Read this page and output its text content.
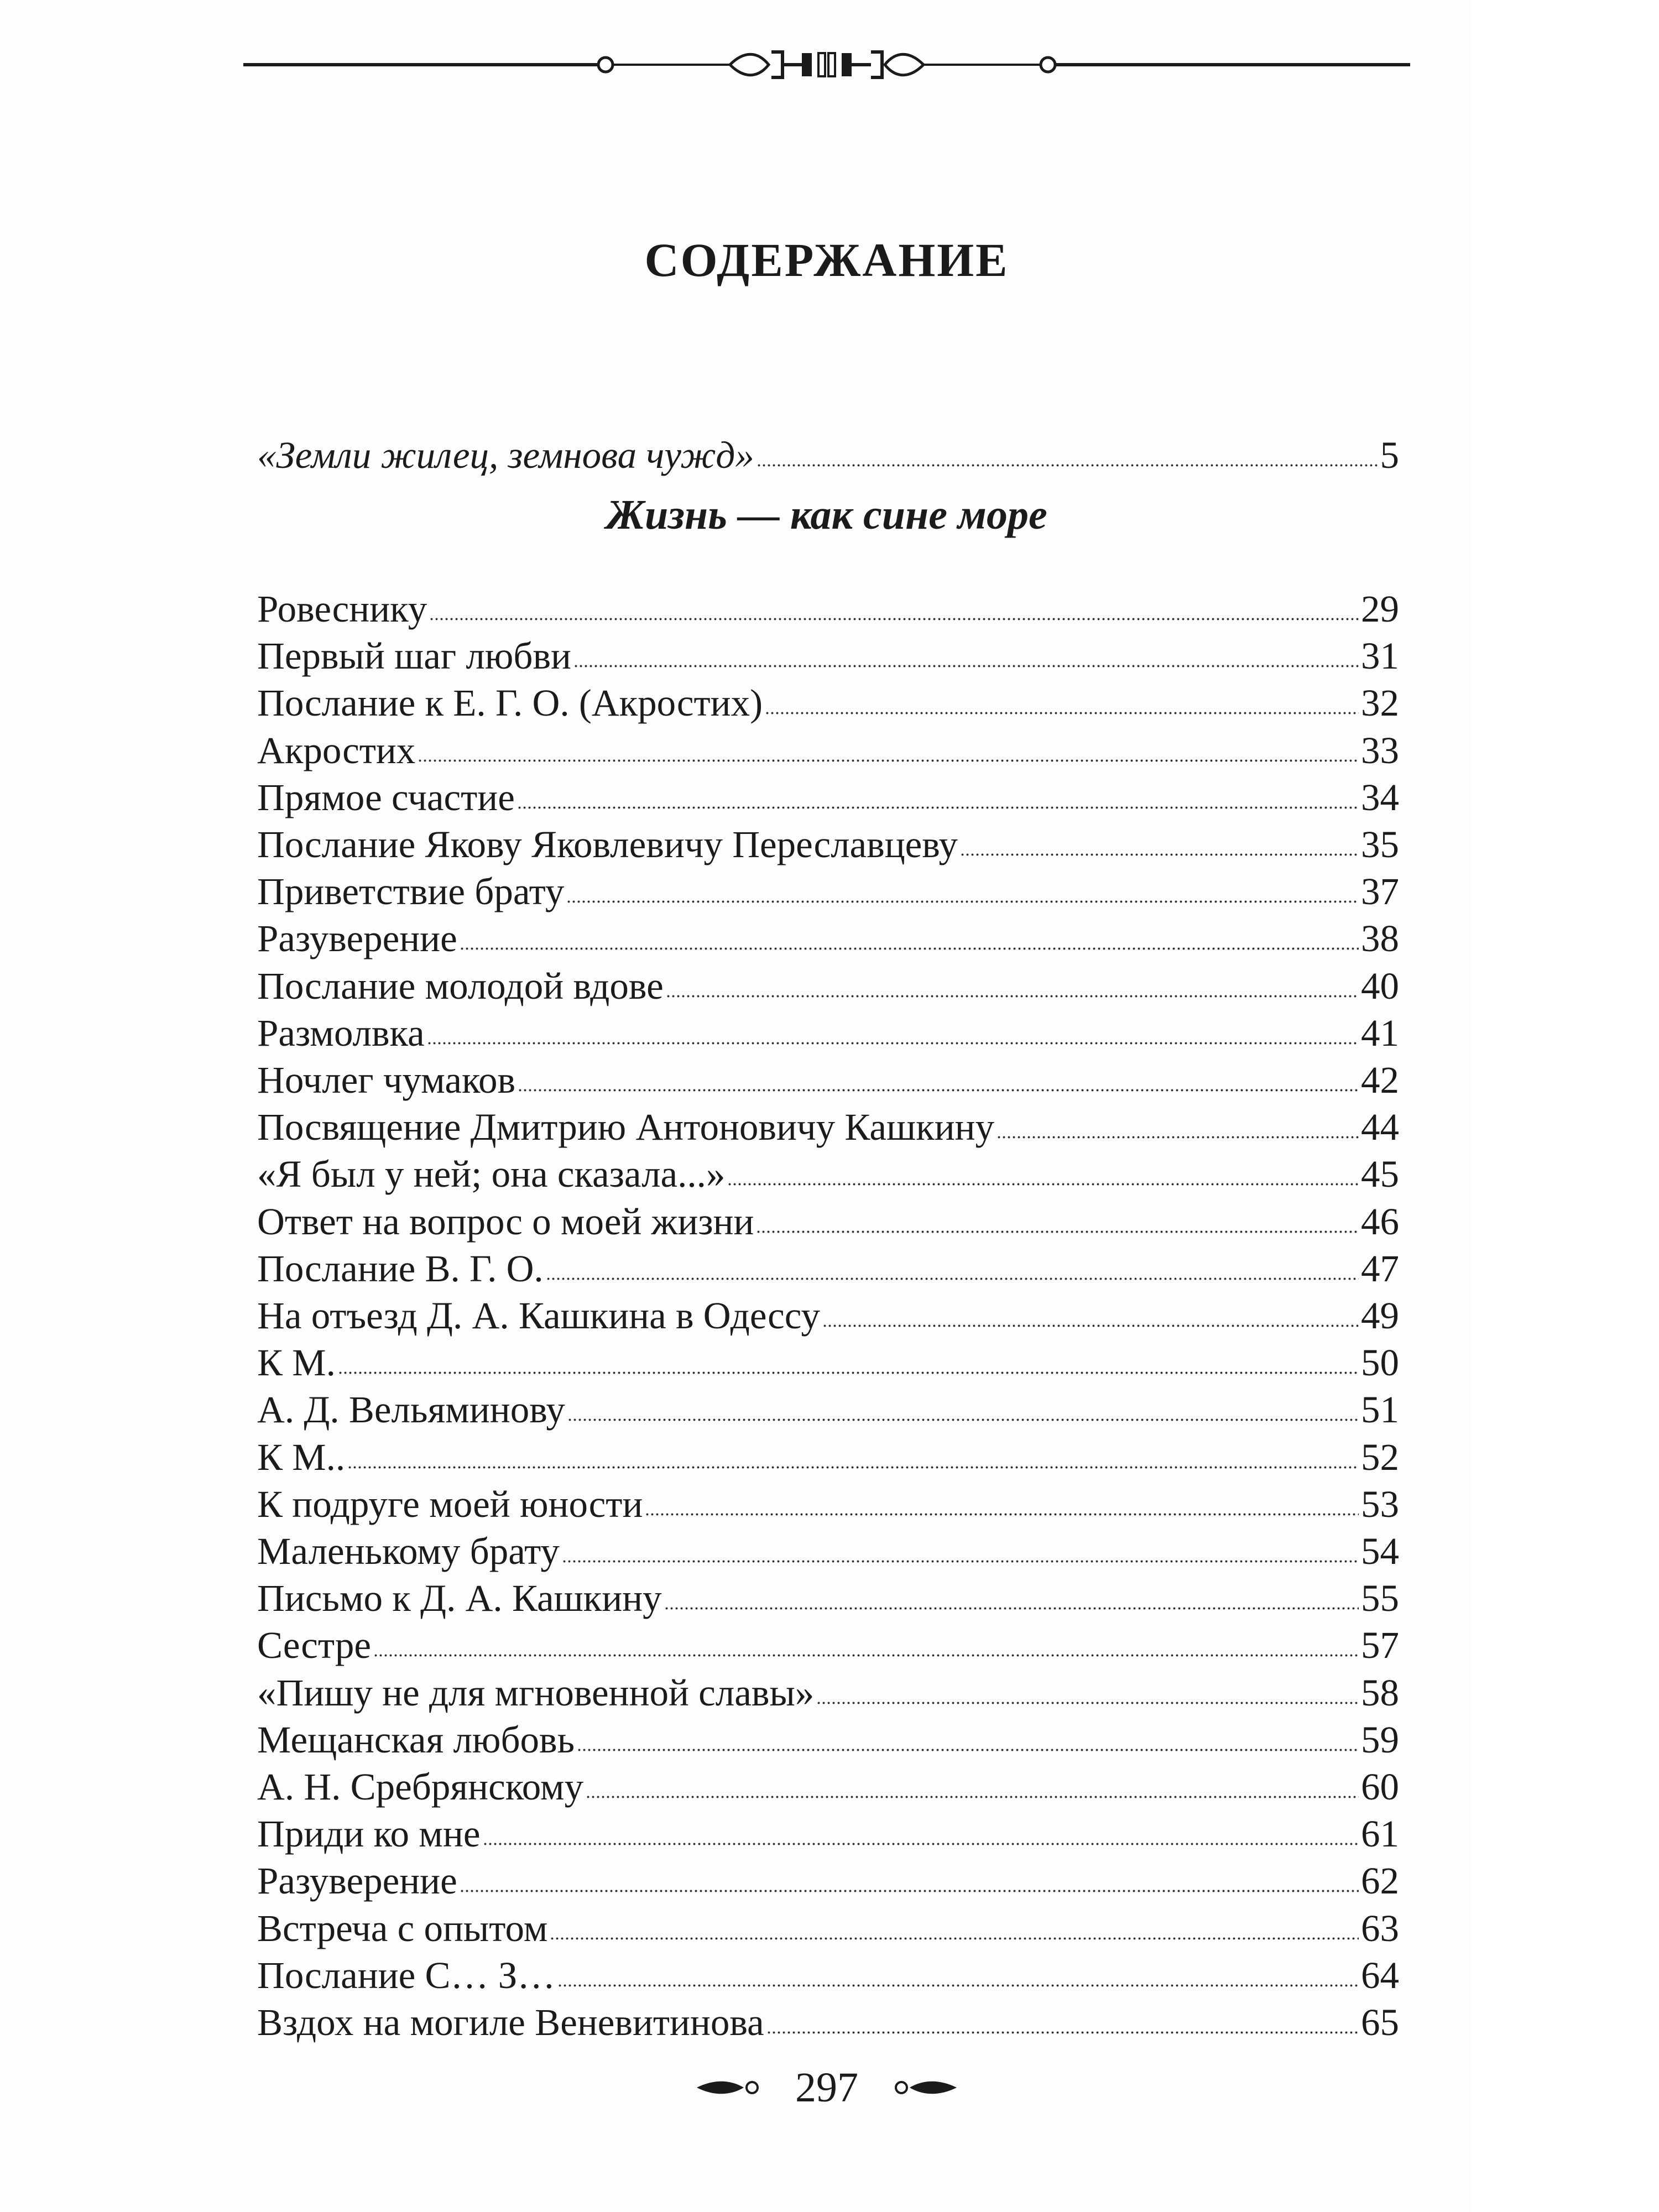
СОДЕРЖАНИЕ
«Земли жилец, земнова чужд»	5
Жизнь — как сине море
Ровеснику	29
Первый шаг любви	31
Послание к Е. Г. О. (Акростих)	32
Акростих	33
Прямое счастие	34
Послание Якову Яковлевичу Переславцеву	35
Приветствие брату	37
Разуверение	38
Послание молодой вдове	40
Размолвка	41
Ночлег чумаков	42
Посвящение Дмитрию Антоновичу Кашкину	44
«Я был у ней; она сказала...»	45
Ответ на вопрос о моей жизни	46
Послание В. Г. О.	47
На отъезд Д. А. Кашкина в Одессу	49
К М.	50
А. Д. Вельяминову	51
К М..	52
К подруге моей юности	53
Маленькому брату	54
Письмо к Д. А. Кашкину	55
Сестре	57
«Пишу не для мгновенной славы»	58
Мещанская любовь	59
А. Н. Сребрянскому	60
Приди ко мне	61
Разуверение	62
Встреча с опытом	63
Послание С… З…	64
Вздох на могиле Веневитинова	65
297
